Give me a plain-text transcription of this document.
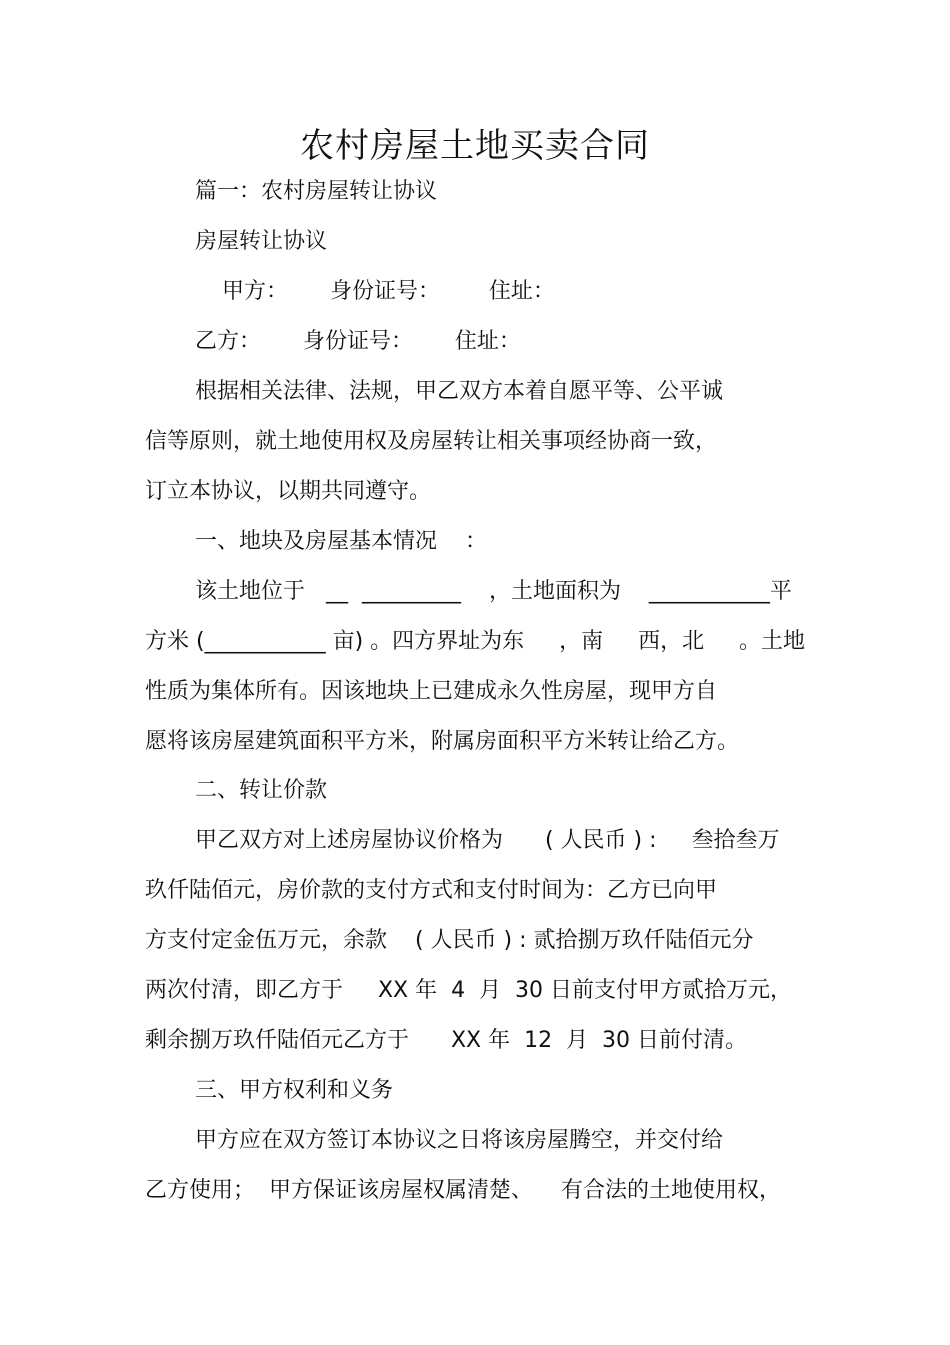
农村房屋土地买卖合同
篇一：农村房屋转让协议
房屋转让协议
甲方：      身份证号：       住址：
乙方：      身份证号：      住址：
根据相关法律、法规，甲乙双方本着自愿平等、公平诚
信等原则，就土地使用权及房屋转让相关事项经协商一致，
订立本协议，以期共同遵守。
一、地块及房屋基本情况    ：
该土地位于   __  _________    ，土地面积为    ___________平
方米 (___________ 亩) 。四方界址为东     ，南     西，北     。土地
性质为集体所有。因该地块上已建成永久性房屋，现甲方自
愿将该房屋建筑面积平方米，附属房面积平方米转让给乙方。
二、转让价款
甲乙双方对上述房屋协议价格为      ( 人民币 ) :     叁拾叁万
玖仟陆佰元，房价款的支付方式和支付时间为：乙方已向甲
方支付定金伍万元，余款    ( 人民币 ) : 贰拾捌万玖仟陆佰元分
两次付清，即乙方于     XX 年  4  月  30 日前支付甲方贰拾万元，
剩余捌万玖仟陆佰元乙方于      XX 年  12  月  30 日前付清。
三、甲方权利和义务
甲方应在双方签订本协议之日将该房屋腾空，并交付给
乙方使用；  甲方保证该房屋权属清楚、    有合法的土地使用权，
